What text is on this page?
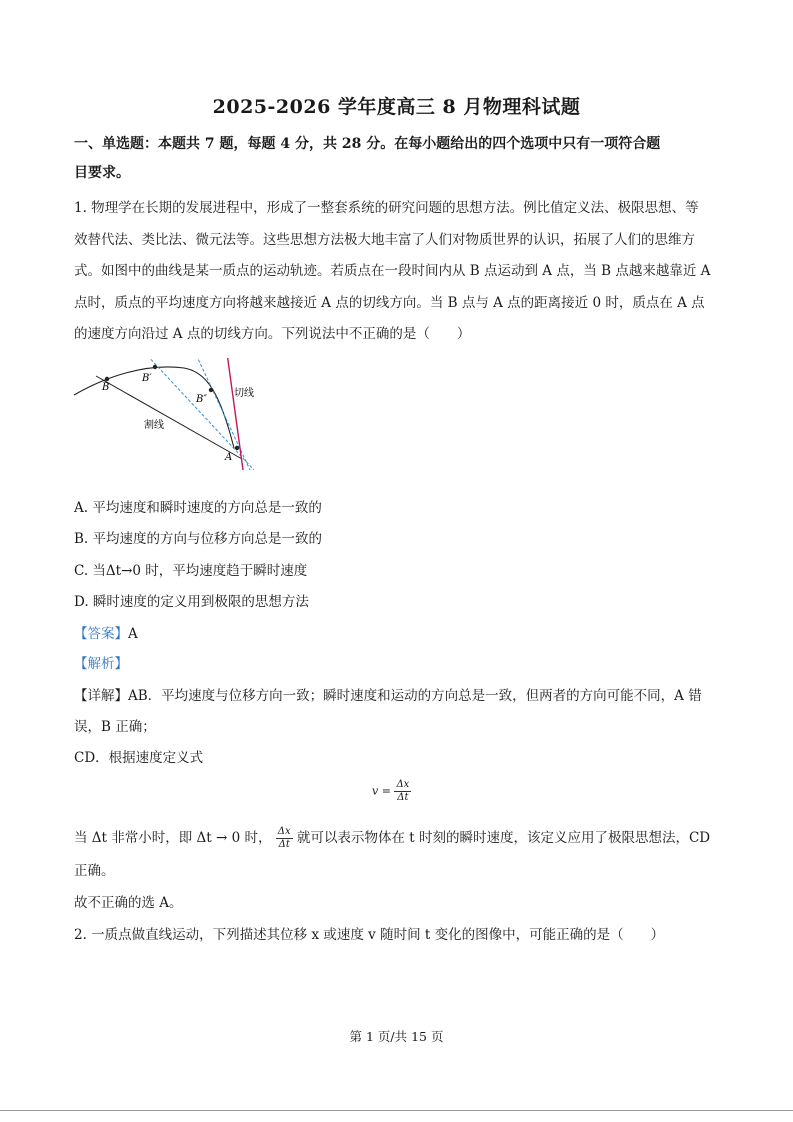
2025-2026 学年度高三 8 月物理科试题
一、单选题：本题共 7 题，每题 4 分，共 28 分。在每小题给出的四个选项中只有一项符合题
目要求。
1. 物理学在长期的发展进程中，形成了一整套系统的研究问题的思想方法。例比值定义法、极限思想、等
效替代法、类比法、微元法等。这些思想方法极大地丰富了人们对物质世界的认识，拓展了人们的思维方
式。如图中的曲线是某一质点的运动轨迹。若质点在一段时间内从 B 点运动到 A 点，当 B 点越来越靠近 A
点时，质点的平均速度方向将越来越接近 A 点的切线方向。当 B 点与 A 点的距离接近 0 时，质点在 A 点
的速度方向沿过 A 点的切线方向。下列说法中不正确的是（　　）
B
B′
B″
A
切线
割线
A. 平均速度和瞬时速度的方向总是一致的
B. 平均速度的方向与位移方向总是一致的
C. 当Δt→0 时，平均速度趋于瞬时速度
D. 瞬时速度的定义用到极限的思想方法
【答案】A
【解析】
【详解】AB．平均速度与位移方向一致；瞬时速度和运动的方向总是一致，但两者的方向可能不同，A 错
误，B 正确；
CD．根据速度定义式
$v = \frac{\Delta x}{\Delta t}$
当 Δt 非常小时，即 Δt → 0 时， $\frac{\Delta x}{\Delta t}$ 就可以表示物体在 t 时刻的瞬时速度，该定义应用了极限思想法，CD
正确。
故不正确的选 A。
2. 一质点做直线运动，下列描述其位移 x 或速度 v 随时间 t 变化的图像中，可能正确的是（　　）
第 1 页/共 15 页
